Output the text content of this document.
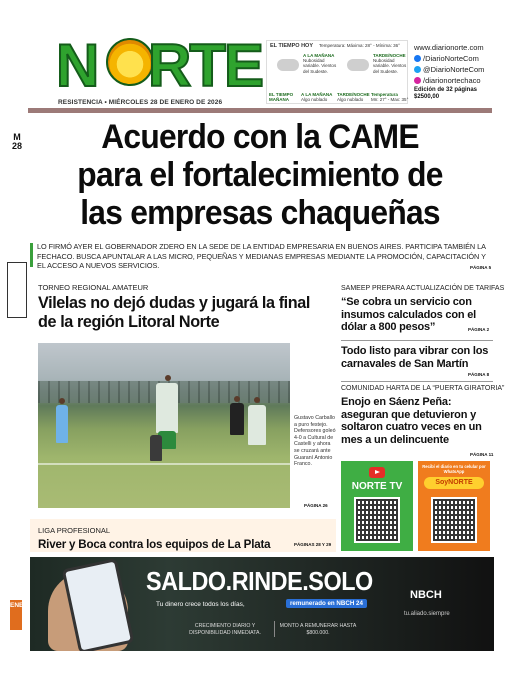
N RTE
RESISTENCIA • MIÉRCOLES 28 DE ENERO DE 2026
EL TIEMPO HOY Temperatura: Máxima: 28° - Mínima: 36°
A LA MAÑANA
Nubosidad variable. Vientos del Sudeste.
TARDE/NOCHE
Nubosidad variable. Vientos del Sudeste.
EL TIEMPO MAÑANA
A LA MAÑANA
Algo nublado
TARDE/NOCHE
Algo nublado
Temperatura
Mn: 27° - Max: 35°
www.diarionorte.com
/DiarioNorteCom
@DiarioNorteCom
/diarionortechaco
Edición de 32 páginas
$2500,00
M
28	Acuerdo con la CAME
para el fortalecimiento de
las empresas chaqueñas
LO FIRMÓ AYER EL GOBERNADOR ZDERO EN LA SEDE DE LA ENTIDAD EMPRESARIA EN BUENOS AIRES. PARTICIPA TAMBIÉN LA FECHACO. BUSCA APUNTALAR A LAS MICRO, PEQUEÑAS Y MEDIANAS EMPRESAS MEDIANTE LA PROMOCIÓN, CAPACITACIÓN Y EL ACCESO A NUEVOS SERVICIOS.	PÁGINA 5
TORNEO REGIONAL AMATEUR
Vilelas no dejó dudas y jugará la final de la región Litoral Norte
Gustavo Carballo a puro festejo. Defensores goleó 4-0 a Cultural de Castelli y ahora se cruzará ante Guaraní Antonio Franco.
PÁGINA 26
SAMEEP PREPARA ACTUALIZACIÓN DE TARIFAS
“Se cobra un servicio con insumos calculados con el dólar a 800 pesos”	PÁGINA 2
Todo listo para vibrar con los carnavales de San Martín
PÁGINA 8
COMUNIDAD HARTA DE LA “PUERTA GIRATORIA”
Enojo en Sáenz Peña: aseguran que detuvieron y soltaron cuatro veces en un mes a un delincuente
PÁGINA 11
NORTE TV
Recibí el diario en tu celular por WhatsApp
SoyNORTE
LIGA PROFESIONAL
River y Boca contra los equipos de La Plata	PÁGINAS 28 Y 29
SALDO.RINDE.SOLO
Tu dinero crece todos los días,	remunerado en NBCH 24
CRECIMIENTO DIARIO Y DISPONIBILIDAD INMEDIATA.
MONTO A REMUNERAR HASTA $800.000.
NBCH
tu.aliado.siempre
ENE
